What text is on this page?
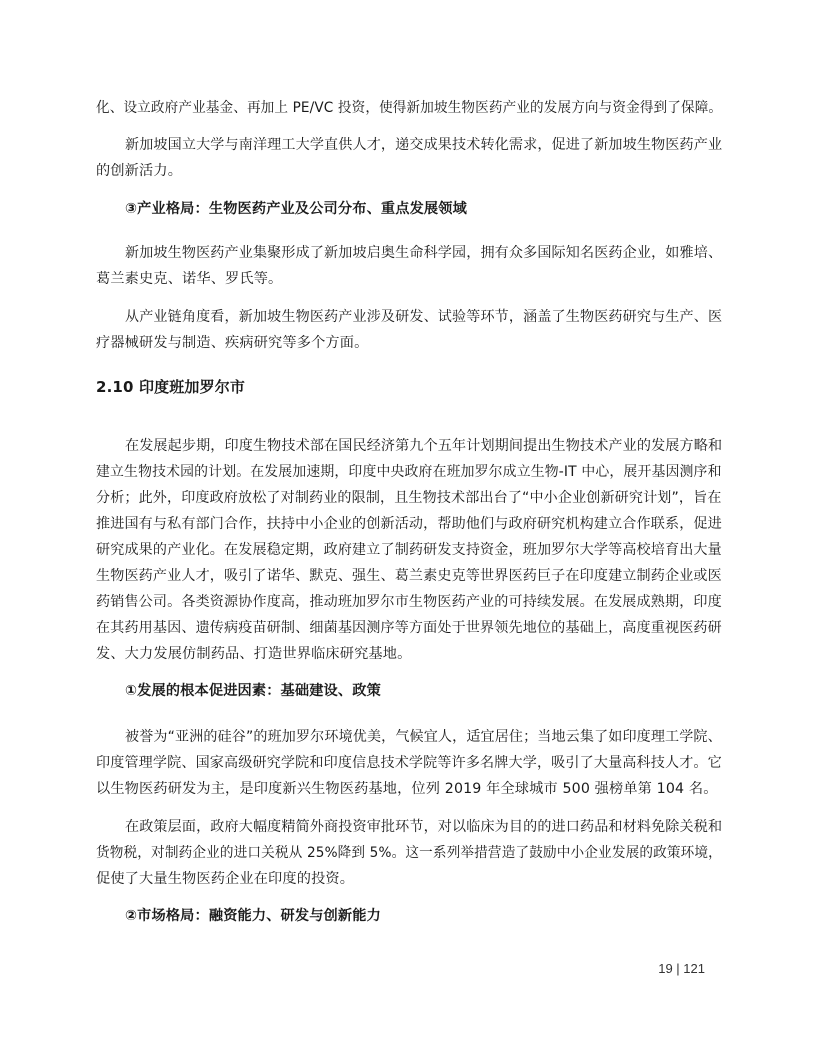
化、设立政府产业基金、再加上 PE/VC 投资，使得新加坡生物医药产业的发展方向与资金得到了保障。
新加坡国立大学与南洋理工大学直供人才，递交成果技术转化需求，促进了新加坡生物医药产业
的创新活力。
③产业格局：生物医药产业及公司分布、重点发展领域
新加坡生物医药产业集聚形成了新加坡启奥生命科学园，拥有众多国际知名医药企业，如雅培、
葛兰素史克、诺华、罗氏等。
从产业链角度看，新加坡生物医药产业涉及研发、试验等环节，涵盖了生物医药研究与生产、医
疗器械研发与制造、疾病研究等多个方面。
2.10 印度班加罗尔市
在发展起步期，印度生物技术部在国民经济第九个五年计划期间提出生物技术产业的发展方略和
建立生物技术园的计划。在发展加速期，印度中央政府在班加罗尔成立生物-IT 中心，展开基因测序和
分析；此外，印度政府放松了对制药业的限制，且生物技术部出台了“中小企业创新研究计划”，旨在
推进国有与私有部门合作，扶持中小企业的创新活动，帮助他们与政府研究机构建立合作联系，促进
研究成果的产业化。在发展稳定期，政府建立了制药研发支持资金，班加罗尔大学等高校培育出大量
生物医药产业人才，吸引了诺华、默克、强生、葛兰素史克等世界医药巨子在印度建立制药企业或医
药销售公司。各类资源协作度高，推动班加罗尔市生物医药产业的可持续发展。在发展成熟期，印度
在其药用基因、遗传病疫苗研制、细菌基因测序等方面处于世界领先地位的基础上，高度重视医药研
发、大力发展仿制药品、打造世界临床研究基地。
①发展的根本促进因素：基础建设、政策
被誉为“亚洲的硅谷”的班加罗尔环境优美，气候宜人，适宜居住；当地云集了如印度理工学院、
印度管理学院、国家高级研究学院和印度信息技术学院等许多名牌大学，吸引了大量高科技人才。它
以生物医药研发为主，是印度新兴生物医药基地，位列 2019 年全球城市 500 强榜单第 104 名。
在政策层面，政府大幅度精简外商投资审批环节，对以临床为目的的进口药品和材料免除关税和
货物税，对制药企业的进口关税从 25%降到 5%。这一系列举措营造了鼓励中小企业发展的政策环境，
促使了大量生物医药企业在印度的投资。
②市场格局：融资能力、研发与创新能力
19 | 121
